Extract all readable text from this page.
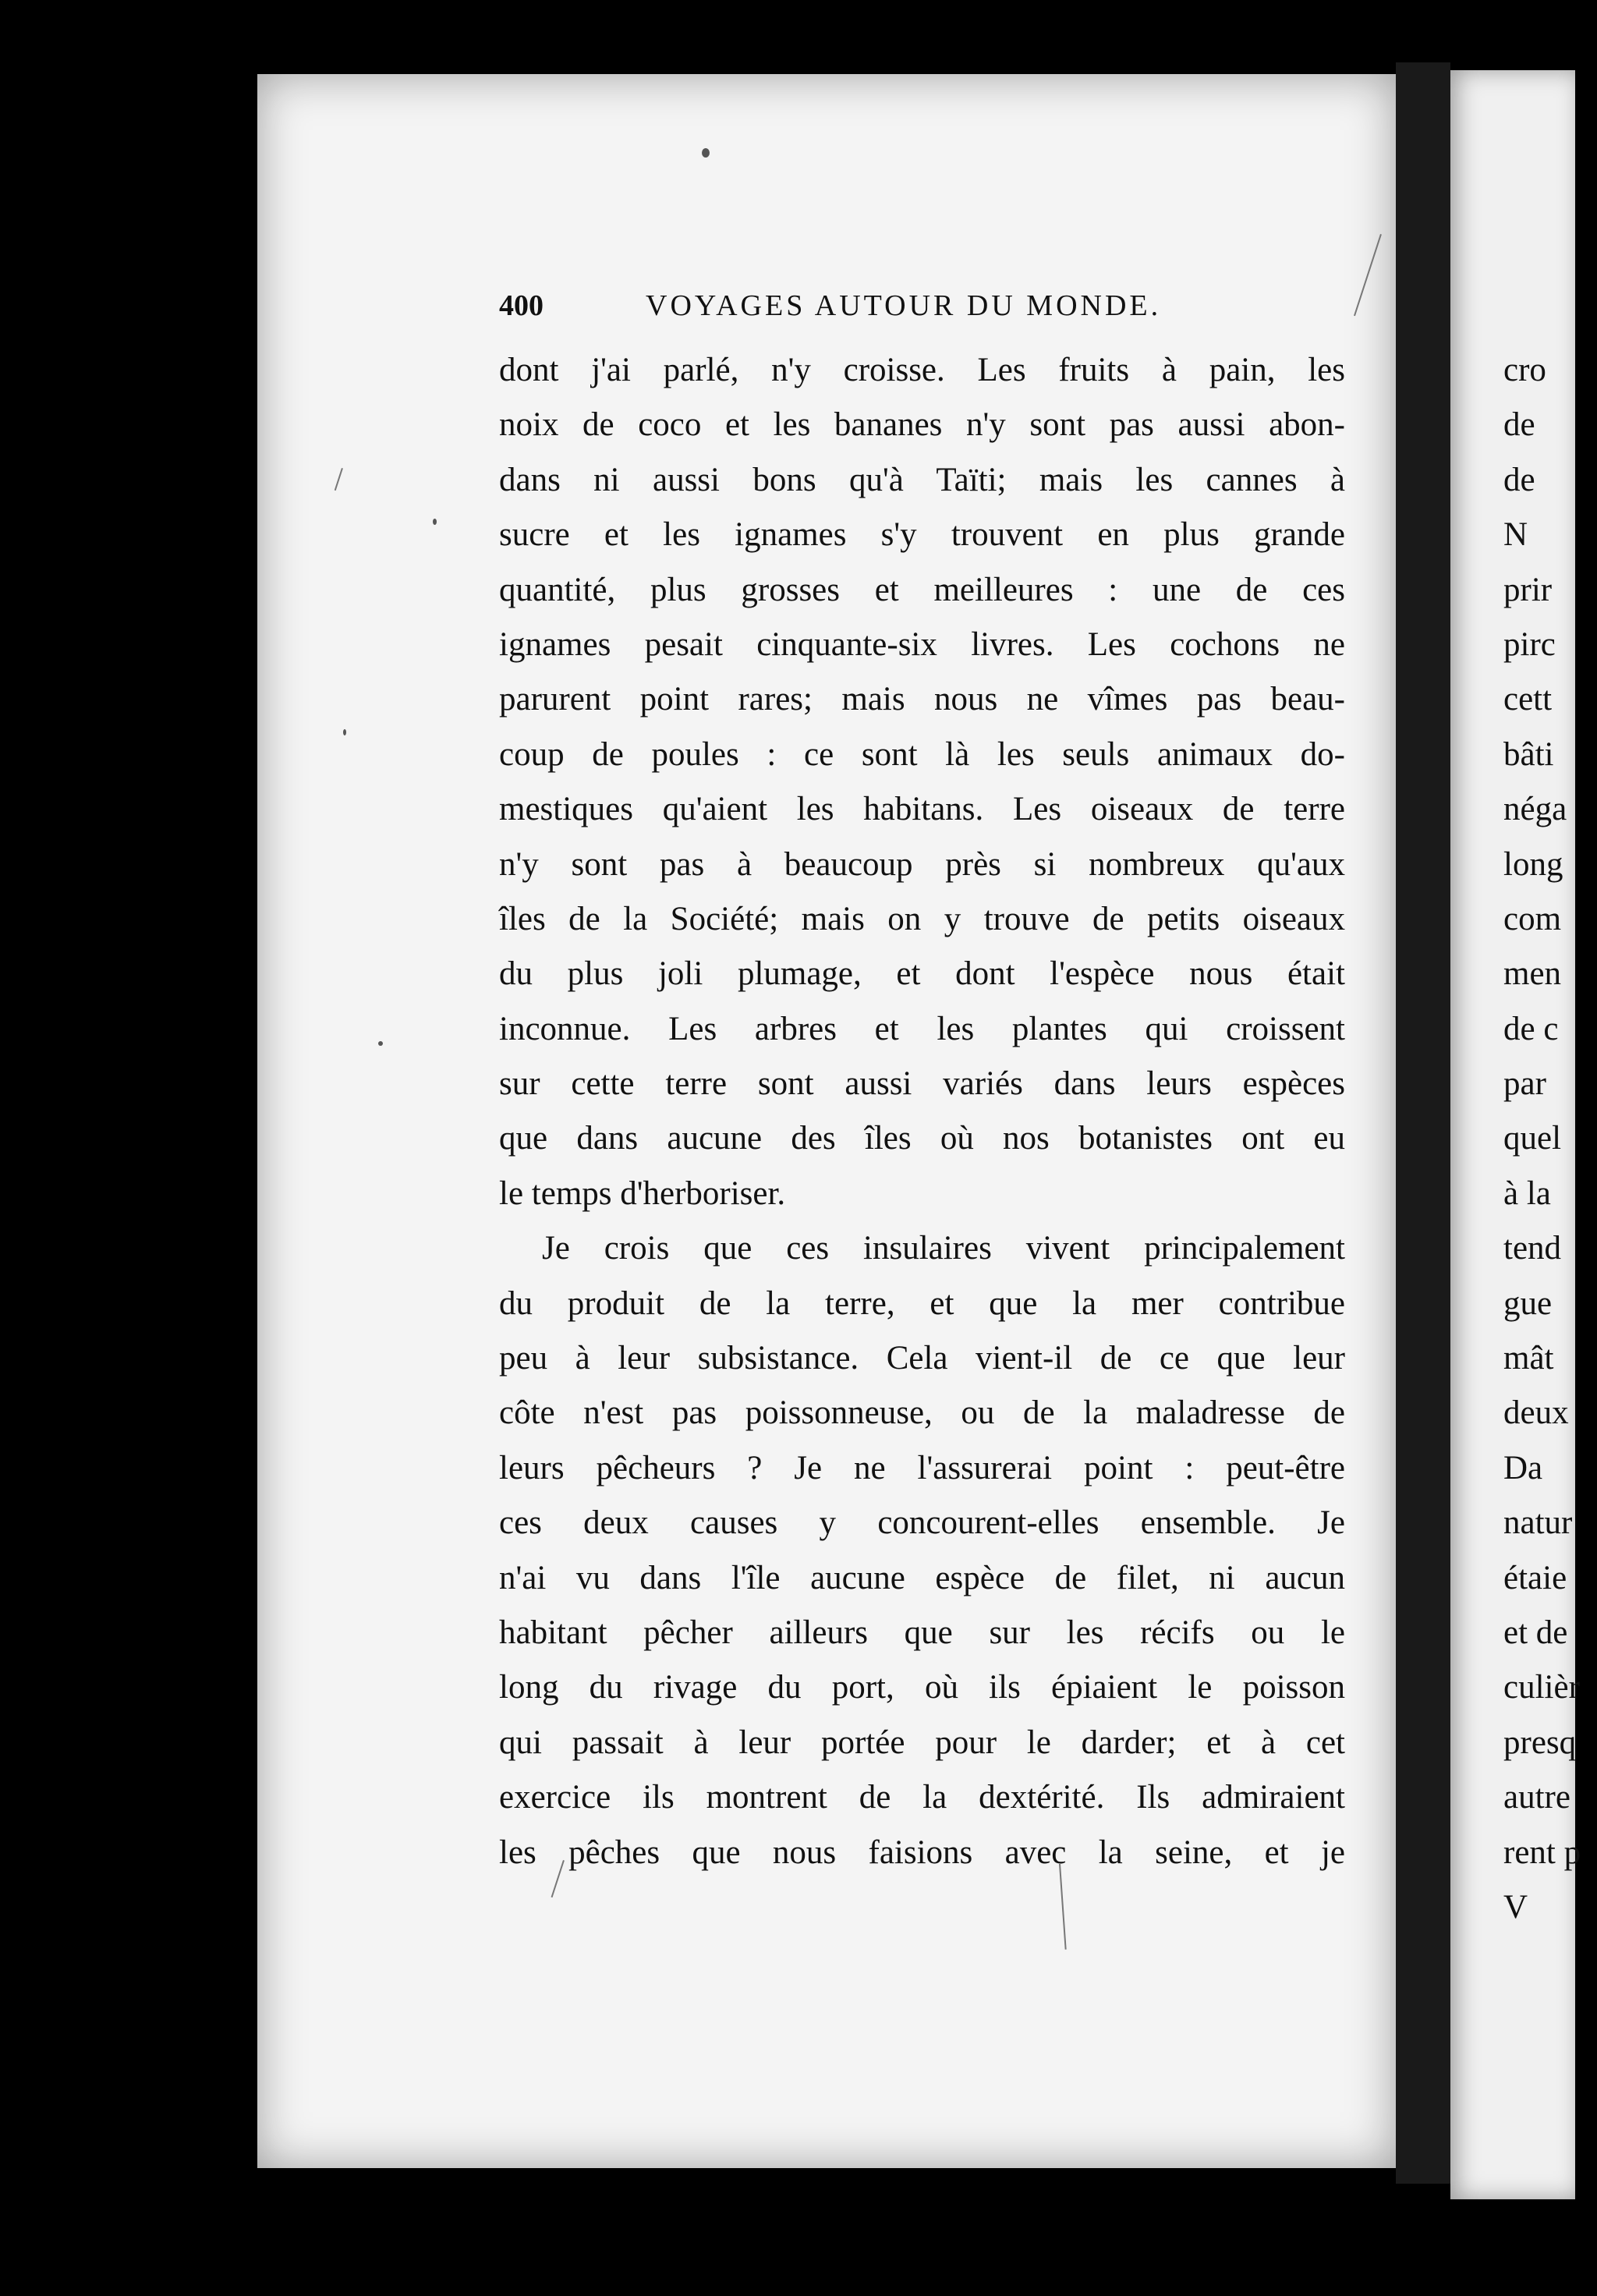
400	VOYAGES AUTOUR DU MONDE.
dont j'ai parlé, n'y croisse. Les fruits à pain, les
noix de coco et les bananes n'y sont pas aussi abon-
dans ni aussi bons qu'à Taïti; mais les cannes à
sucre et les ignames s'y trouvent en plus grande
quantité, plus grosses et meilleures : une de ces
ignames pesait cinquante-six livres. Les cochons ne
parurent point rares; mais nous ne vîmes pas beau-
coup de poules : ce sont là les seuls animaux do-
mestiques qu'aient les habitans. Les oiseaux de terre
n'y sont pas à beaucoup près si nombreux qu'aux
îles de la Société; mais on y trouve de petits oiseaux
du plus joli plumage, et dont l'espèce nous était
inconnue. Les arbres et les plantes qui croissent
sur cette terre sont aussi variés dans leurs espèces
que dans aucune des îles où nos botanistes ont eu
le temps d'herboriser.
Je crois que ces insulaires vivent principalement
du produit de la terre, et que la mer contribue
peu à leur subsistance. Cela vient-il de ce que leur
côte n'est pas poissonneuse, ou de la maladresse de
leurs pêcheurs ? Je ne l'assurerai point : peut-être
ces deux causes y concourent-elles ensemble. Je
n'ai vu dans l'île aucune espèce de filet, ni aucun
habitant pêcher ailleurs que sur les récifs ou le
long du rivage du port, où ils épiaient le poisson
qui passait à leur portée pour le darder; et à cet
exercice ils montrent de la dextérité. Ils admiraient
les pêches que nous faisions avec la seine, et je
cro
de
de
N
prir
pirc
cett
bâti
néga
long
com
men
de c
par
quel
à la
tend
gue
mât
deux
Da
natur
étaie
et de
culièr
presq
autre
rent p
V
